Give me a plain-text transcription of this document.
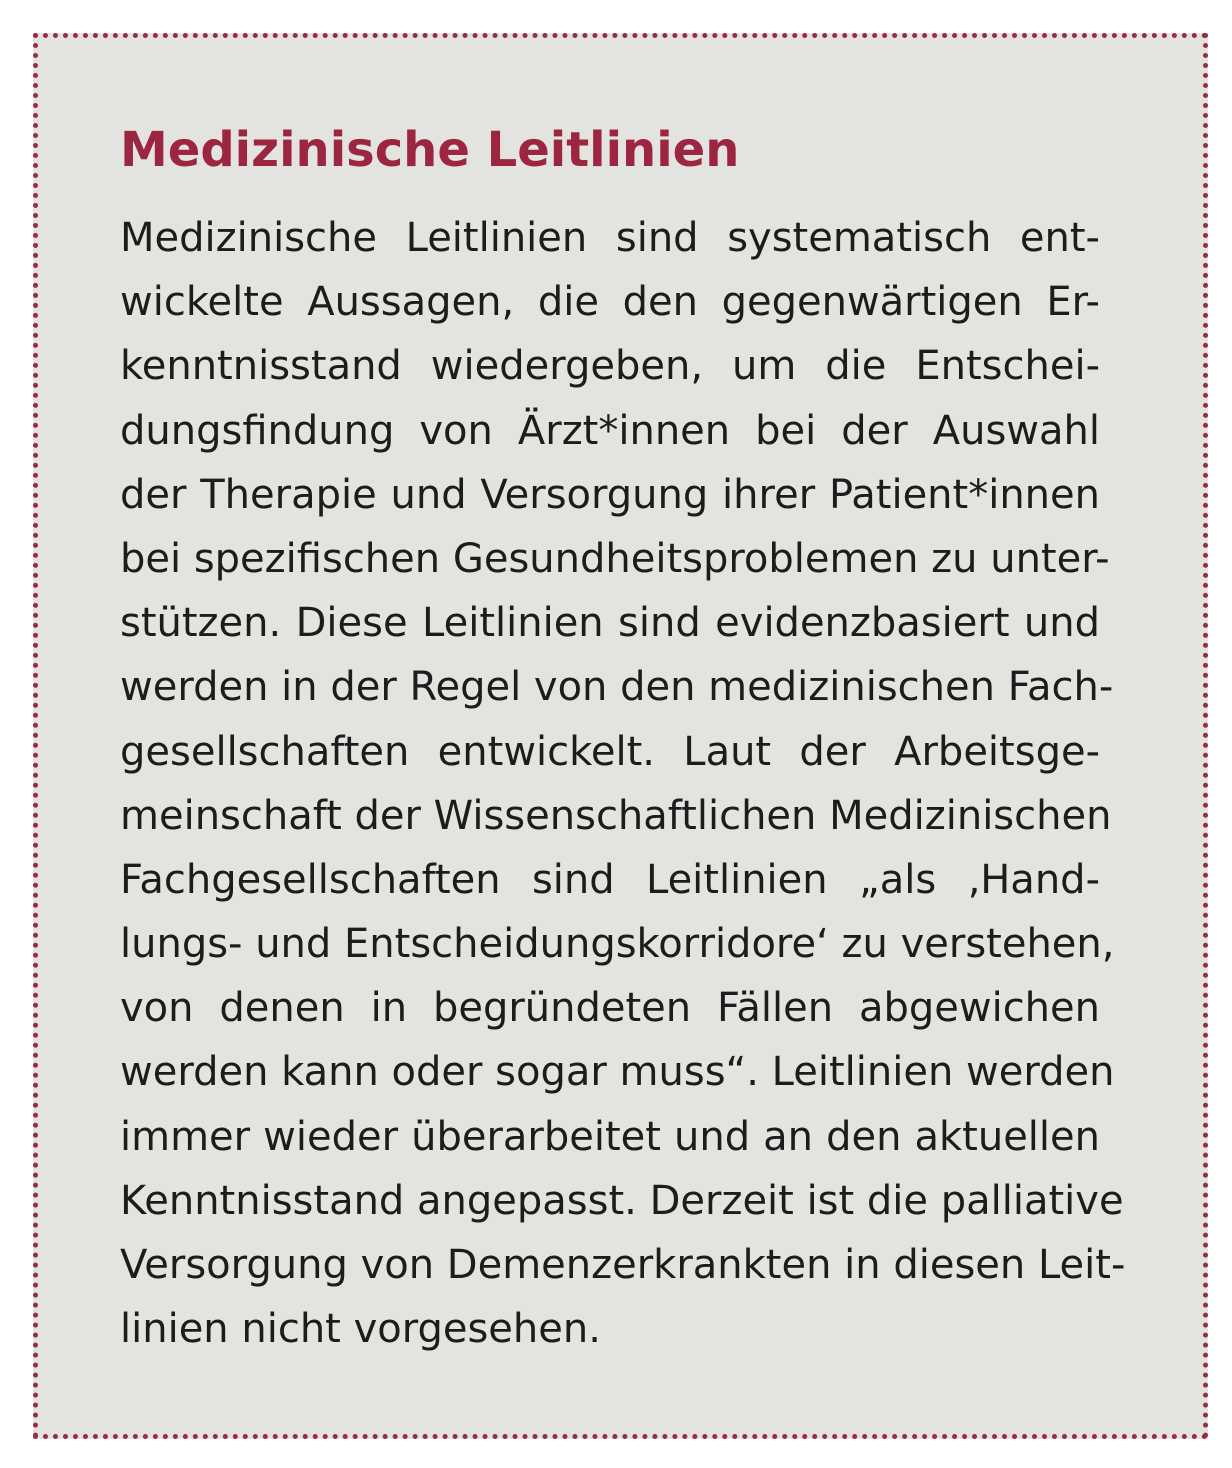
Medizinische Leitlinien
Medizinische Leitlinien sind systematisch ent-
wickelte Aussagen, die den gegenwärtigen Er-
kenntnisstand wiedergeben, um die Entschei-
dungsfindung von Ärzt*innen bei der Auswahl
der Therapie und Versorgung ihrer Patient*innen
bei spezifischen Gesundheitsproblemen zu unter-
stützen. Diese Leitlinien sind evidenzbasiert und
werden in der Regel von den medizinischen Fach-
gesellschaften entwickelt. Laut der Arbeitsge-
meinschaft der Wissenschaftlichen Medizinischen
Fachgesellschaften sind Leitlinien „als ‚Hand-
lungs- und Entscheidungskorridore‘ zu verstehen,
von denen in begründeten Fällen abgewichen
werden kann oder sogar muss“. Leitlinien werden
immer wieder überarbeitet und an den aktuellen
Kenntnisstand angepasst. Derzeit ist die palliative
Versorgung von Demenzerkrankten in diesen Leit-
linien nicht vorgesehen.
